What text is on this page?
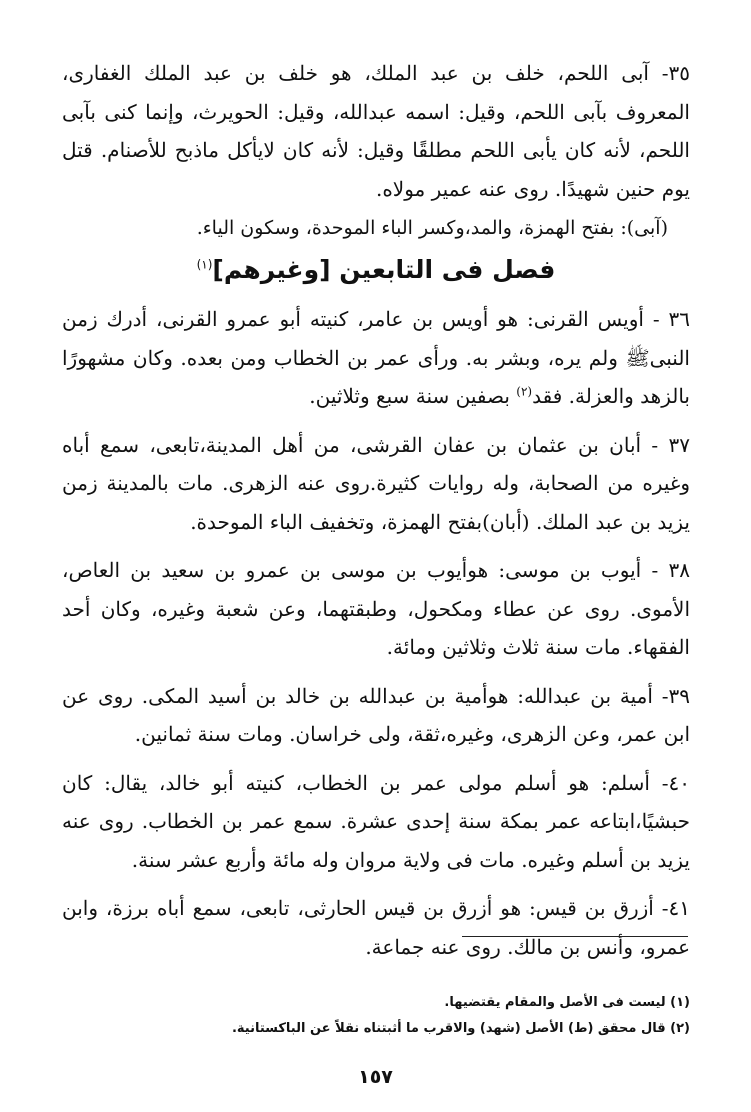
٣٥- آبى اللحم، خلف بن عبد الملك، هو خلف بن عبد الملك الغفارى، المعروف بآبى اللحم، وقيل: اسمه عبدالله، وقيل: الحويرث، وإنما كنى بآبى اللحم، لأنه كان يأبى اللحم مطلقًا وقيل: لأنه كان لايأكل ماذبح للأصنام. قتل يوم حنين شهيدًا. روى عنه عمير مولاه.

(آبى): بفتح الهمزة، والمد،وكسر الباء الموحدة، وسكون الياء.

فصل فى التابعين [وغيرهم]$^{(١)}$

٣٦ - أويس القرنى: هو أويس بن عامر، كنيته أبو عمرو القرنى، أدرك زمن النبىﷺ ولم يره، وبشر به. ورأى عمر بن الخطاب ومن بعده. وكان مشهورًا بالزهد والعزلة. فقد$^{(٢)}$ بصفين سنة سبع وثلاثين.

٣٧ - أبان بن عثمان بن عفان القرشى، من أهل المدينة،تابعى، سمع أباه وغيره من الصحابة، وله روايات كثيرة.روى عنه الزهرى. مات بالمدينة زمن يزيد بن عبد الملك. (أبان)بفتح الهمزة، وتخفيف الباء الموحدة.

٣٨ - أيوب بن موسى: هوأيوب بن موسى بن عمرو بن سعيد بن العاص، الأموى. روى عن عطاء ومكحول، وطبقتهما، وعن شعبة وغيره، وكان أحد الفقهاء. مات سنة ثلاث وثلاثين ومائة.

٣٩- أمية بن عبدالله: هوأمية بن عبدالله بن خالد بن أسيد المكى. روى عن ابن عمر، وعن الزهرى، وغيره،ثقة، ولى خراسان. ومات سنة ثمانين.

٤٠- أسلم: هو أسلم مولى عمر بن الخطاب، كنيته أبو خالد، يقال: كان حبشيًا،ابتاعه عمر بمكة سنة إحدى عشرة. سمع عمر بن الخطاب. روى عنه يزيد بن أسلم وغيره. مات فى ولاية مروان وله مائة وأربع عشر سنة.

٤١- أزرق بن قيس: هو أزرق بن قيس الحارثى، تابعى، سمع أباه برزة، وابن عمرو، وأنس بن مالك. روى عنه جماعة.

(١) ليست فى الأصل والمقام يقتضيها.
(٢) قال محقق (ط) الأصل (شهد) والاقرب ما أثبتناه نقلاً عن الباكستانية.
١٥٧
